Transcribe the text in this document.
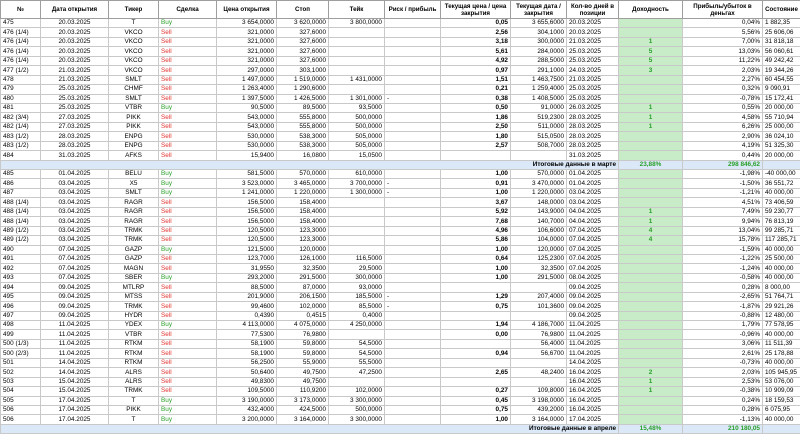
№	Дата открытия	Тикер	Сделка	Цена открытия	Стоп	Тейк	Риск / прибыль	Текущая цена / цена закрытия	Текущая дата / закрытия	Кол-во дней в позиции	Доходность	Прибыль/убыток в деньгах	Состояние	
475	20.03.2025	T	Buy	3 654,0000	3 620,0000	3 800,0000		0,05	3 655,6000	20.03.2025		0,04%	1 882,35	
476 (1/4)	20.03.2025	VKCO	Sell	321,0000	327,6000			2,56	304,1000	20.03.2025		5,56%	25 606,06	
476 (1/4)	20.03.2025	VKCO	Sell	321,0000	327,6000			3,18	300,0000	21.03.2025	1	7,00%	31 818,18	
476 (1/4)	20.03.2025	VKCO	Sell	321,0000	327,6000			5,61	284,0000	25.03.2025	5	13,03%	56 060,61	
476 (1/4)	20.03.2025	VKCO	Sell	321,0000	327,6000			4,92	288,5000	25.03.2025	5	11,22%	49 242,42	
477 (1/2)	21.03.2025	VKCO	Sell	297,0000	303,1000			0,97	291,1000	24.03.2025	3	2,03%	19 344,26	
478	21.03.2025	SMLT	Sell	1 497,0000	1 519,0000	1 431,0000		1,51	1 463,7500	21.03.2025		2,27%	60 454,55	
479	25.03.2025	CHMF	Sell	1 263,4000	1 290,6000			0,21	1 259,4000	25.03.2025		0,32%	9 090,91	
480	25.03.2025	SMLT	Sell	1 397,5000	1 426,5000	1 301,0000	-	0,38	1 408,5000	25.03.2025		-0,78%	15 172,41	
481	25.03.2025	VTBR	Buy	90,5000	89,5000	93,5000		0,50	91,0000	26.03.2025	1	0,55%	20 000,00	
482 (3/4)	27.03.2025	PIKK	Sell	543,0000	555,8000	500,0000		1,86	519,2300	28.03.2025	1	4,58%	55 710,94	
482 (1/4)	27.03.2025	PIKK	Sell	543,0000	555,8000	500,0000		2,50	511,0000	28.03.2025	1	6,26%	25 000,00	
483 (1/2)	28.03.2025	ENPG	Sell	530,0000	538,3000	505,0000		1,80	515,0500	28.03.2025		2,90%	36 024,10	
483 (1/2)	28.03.2025	ENPG	Sell	530,0000	538,3000	505,0000		2,57	508,7000	28.03.2025		4,19%	51 325,30	
484	31.03.2025	AFKS	Sell	15,9400	16,0800	15,0500				31.03.2025		0,44%	20 000,00	
Итоговые данные в марте											23,88%	298 846,62		
485	01.04.2025	BELU	Buy	581,5000	570,0000	610,0000		1,00	570,0000	01.04.2025		-1,98%	-40 000,00	
486	03.04.2025	X5	Buy	3 523,0000	3 465,0000	3 700,0000	-	0,91	3 470,0000	01.04.2025		-1,50%	36 551,72	
487	03.04.2025	SMLT	Buy	1 241,0000	1 220,0000	1 300,0000	-	1,00	1 220,0000	03.04.2025		-1,21%	40 000,00	
488 (1/4)	03.04.2025	RAGR	Sell	156,5000	158,4000			3,67	148,0000	03.04.2025		4,51%	73 406,59	
488 (1/4)	03.04.2025	RAGR	Sell	156,5000	158,4000			5,92	143,9000	04.04.2025	1	7,49%	59 230,77	
488 (1/4)	03.04.2025	RAGR	Sell	156,5000	158,4000			7,68	140,7000	04.04.2025	1	9,94%	76 813,19	
489 (1/2)	03.04.2025	TRMK	Sell	120,5000	123,3000			4,96	106,6000	07.04.2025	4	13,04%	99 285,71	
489 (1/2)	03.04.2025	TRMK	Sell	120,5000	123,3000			5,86	104,0000	07.04.2025	4	15,78%	117 285,71	
490	07.04.2025	GAZP	Buy	121,5000	120,0000			1,00	120,0000	07.04.2025		-1,59%	40 000,00	
491	07.04.2025	GAZP	Sell	123,7000	126,1000	116,5000		0,64	125,2300	07.04.2025		-1,22%	25 500,00	
492	07.04.2025	MAGN	Sell	31,9550	32,3500	29,5000		1,00	32,3500	07.04.2025		-1,24%	40 000,00	
493	07.04.2025	SBER	Buy	293,2000	291,5000	300,0000		1,00	291,5000	08.04.2025		-0,58%	40 000,00	
494	09.04.2025	MTLRP	Sell	88,5000	87,0000	93,0000				09.04.2025		0,28%	8 000,00	
495	09.04.2025	MTSS	Sell	201,9000	206,1500	185,5000	-	1,29	207,4000	09.04.2025		-2,65%	51 764,71	
496	09.04.2025	TRMK	Sell	99,4600	102,0000	85,5000	-	0,75	101,3600	09.04.2025		-1,87%	29 921,26	
497	09.04.2025	HYDR	Sell	0,4390	0,4515	0,4000				09.04.2025		-0,88%	12 480,00	
498	11.04.2025	YDEX	Buy	4 113,0000	4 075,0000	4 250,0000		1,94	4 186,7000	11.04.2025		1,79%	77 578,95	
499	11.04.2025	VTBR	Sell	77,5300	76,9800			0,00	76,9800	11.04.2025		-0,96%	40 000,00	
500 (1/3)	11.04.2025	RTKM	Sell	58,1900	59,8000	54,5000			56,4000	11.04.2025		3,06%	11 511,39	
500 (2/3)	11.04.2025	RTKM	Sell	58,1900	59,8000	54,5000		0,94	56,6700	11.04.2025		2,61%	25 178,88	
501	14.04.2025	RTKM	Sell	56,2500	55,9000	55,5000				14.04.2025		-0,73%	40 000,00	
502	14.04.2025	ALRS	Sell	50,6400	49,7500	47,2500		2,65	48,2400	16.04.2025	2	2,03%	105 945,95	
503	15.04.2025	ALRS	Sell	49,8300	49,7500					16.04.2025	1	2,53%	53 076,00	
504	15.04.2025	TRMK	Sell	109,5000	110,9200	102,0000		0,27	109,8000	16.04.2025	1	-0,38%	10 909,09	
505	17.04.2025	T	Buy	3 190,0000	3 173,0000	3 300,0000		0,45	3 198,0000	16.04.2025		0,24%	18 159,53	
506	17.04.2025	PIKK	Buy	432,4000	424,5000	500,0000		0,75	439,2000	16.04.2025		0,28%	6 075,95	
506	17.04.2025	T	Buy	3 200,0000	3 164,0000	3 300,0000		1,00	3 164,0000	17.04.2025		-1,13%	40 000,00	
Итоговые данные в апреле											15,48%	210 180,05		
